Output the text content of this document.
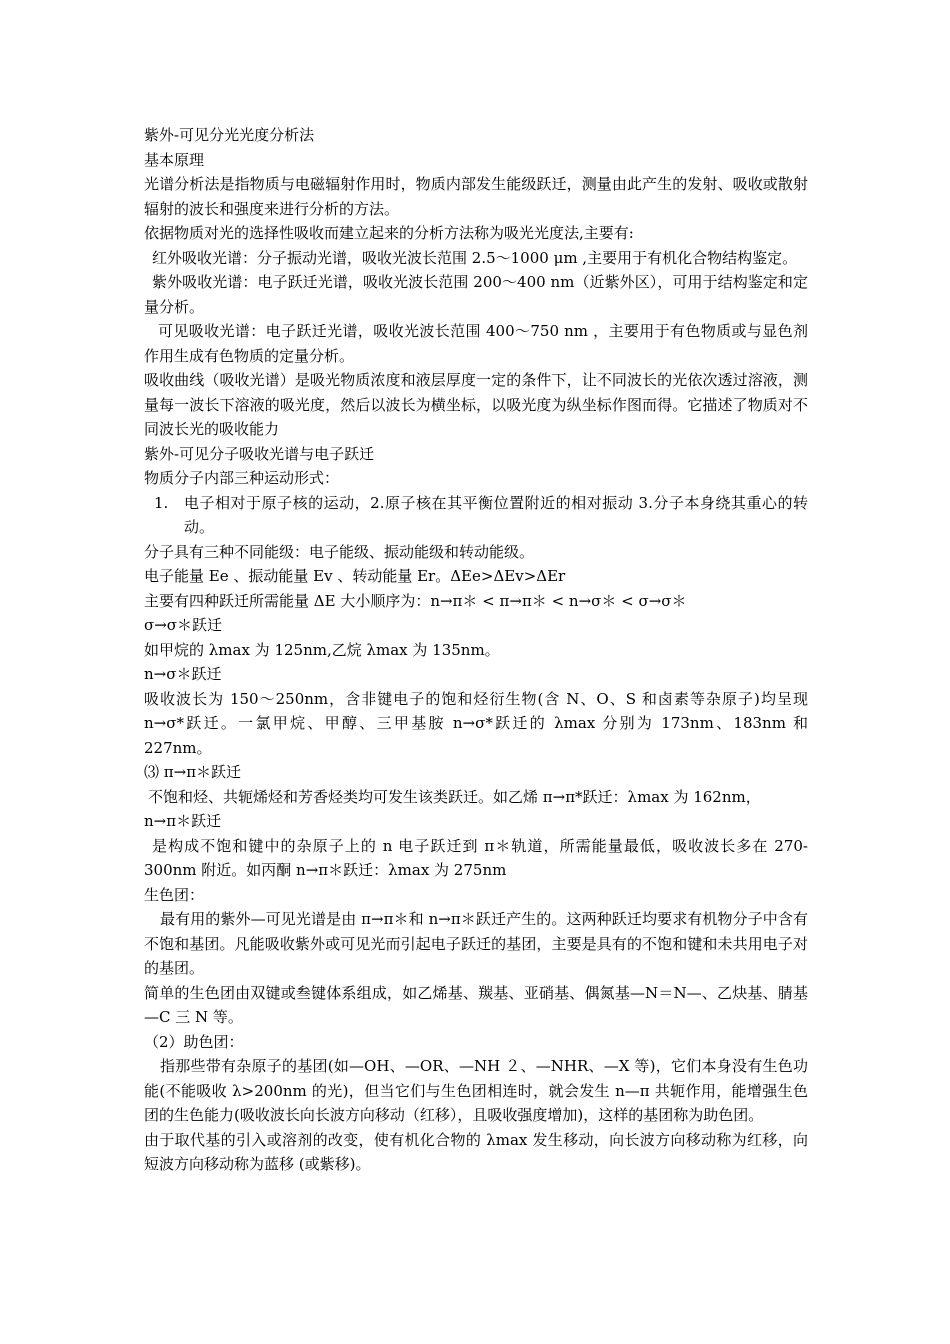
紫外-可见分光光度分析法

基本原理

光谱分析法是指物质与电磁辐射作用时，物质内部发生能级跃迁，测量由此产生的发射、吸收或散射辐射的波长和强度来进行分析的方法。

依据物质对光的选择性吸收而建立起来的分析方法称为吸光光度法,主要有:

红外吸收光谱：分子振动光谱，吸收光波长范围 2.5～1000 μm ,主要用于有机化合物结构鉴定。

紫外吸收光谱：电子跃迁光谱，吸收光波长范围 200～400 nm（近紫外区），可用于结构鉴定和定量分析。

可见吸收光谱：电子跃迁光谱，吸收光波长范围 400～750 nm ，主要用于有色物质或与显色剂作用生成有色物质的定量分析。

吸收曲线（吸收光谱）是吸光物质浓度和液层厚度一定的条件下，让不同波长的光依次透过溶液，测量每一波长下溶液的吸光度，然后以波长为横坐标，以吸光度为纵坐标作图而得。它描述了物质对不同波长光的吸收能力

紫外-可见分子吸收光谱与电子跃迁

物质分子内部三种运动形式：

1.	电子相对于原子核的运动，2.原子核在其平衡位置附近的相对振动 3.分子本身绕其重心的转动。

分子具有三种不同能级：电子能级、振动能级和转动能级。

电子能量 Ee 、振动能量 Ev 、转动能量 Er。ΔEe>ΔEv>ΔEr

主要有四种跃迁所需能量 ΔE 大小顺序为：n→π＊ < π→π＊ < n→σ＊ < σ→σ＊

σ→σ＊跃迁

如甲烷的 λmax 为 125nm,乙烷 λmax 为 135nm。

n→σ＊跃迁

吸收波长为 150～250nm，含非键电子的饱和烃衍生物(含 N、O、S 和卤素等杂原子)均呈现 n→σ*跃迁。一氯甲烷、甲醇、三甲基胺 n→σ*跃迁的 λmax 分别为 173nm、183nm 和 227nm。

⑶ π→π＊跃迁

不饱和烃、共轭烯烃和芳香烃类均可发生该类跃迁。如乙烯 π→π*跃迁：λmax 为 162nm，

n→π＊跃迁

是构成不饱和键中的杂原子上的 n 电子跃迁到 π＊轨道，所需能量最低，吸收波长多在 270-300nm 附近。如丙酮 n→π＊跃迁：λmax 为 275nm

生色团：

最有用的紫外—可见光谱是由 π→π＊和 n→π＊跃迁产生的。这两种跃迁均要求有机物分子中含有不饱和基团。凡能吸收紫外或可见光而引起电子跃迁的基团，主要是具有的不饱和键和未共用电子对的基团。

简单的生色团由双键或叁键体系组成，如乙烯基、羰基、亚硝基、偶氮基—N＝N—、乙炔基、腈基—C 三 N 等。

（2）助色团：

指那些带有杂原子的基团(如—OH、—OR、—NH ２、—NHR、—X 等)，它们本身没有生色功能(不能吸收 λ>200nm 的光)，但当它们与生色团相连时，就会发生 n—π 共轭作用，能增强生色团的生色能力(吸收波长向长波方向移动（红移），且吸收强度增加)，这样的基团称为助色团。

由于取代基的引入或溶剂的改变，使有机化合物的 λmax 发生移动，向长波方向移动称为红移，向短波方向移动称为蓝移 (或紫移)。
